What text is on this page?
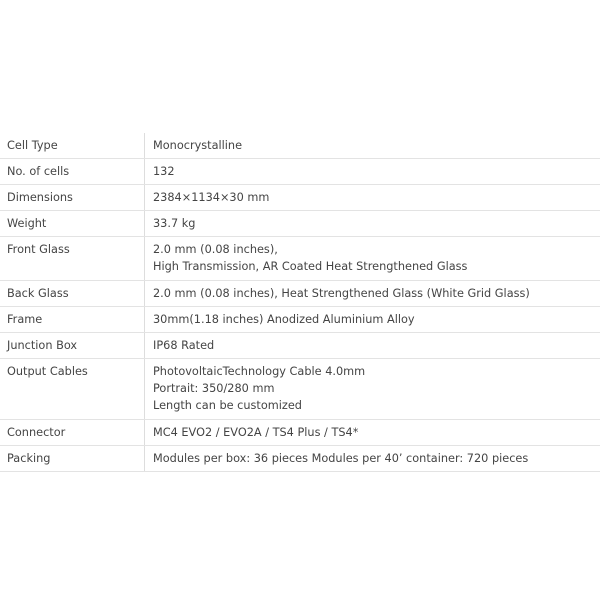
Cell Type	Monocrystalline

No. of cells	132

Dimensions	2384×1134×30 mm

Weight	33.7 kg

Front Glass	2.0 mm (0.08 inches),
High Transmission, AR Coated Heat Strengthened Glass

Back Glass	2.0 mm (0.08 inches), Heat Strengthened Glass (White Grid Glass)

Frame	30mm(1.18 inches) Anodized Aluminium Alloy

Junction Box	IP68 Rated

Output Cables	PhotovoltaicTechnology Cable 4.0mm
Portrait: 350/280 mm
Length can be customized

Connector	MC4 EVO2 / EVO2A / TS4 Plus / TS4*

Packing	Modules per box: 36 pieces Modules per 40’ container: 720 pieces
